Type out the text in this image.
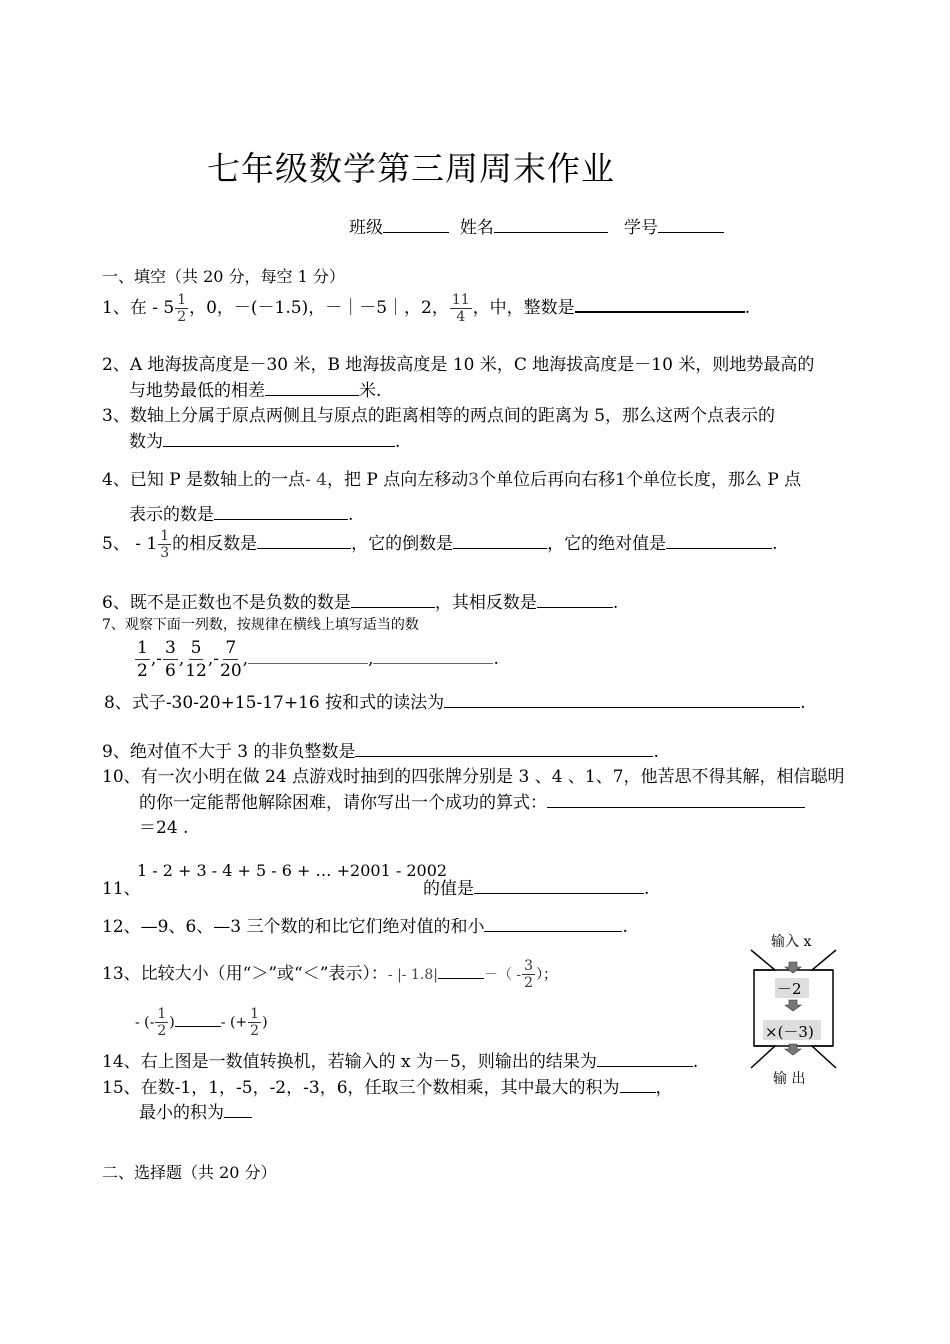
七年级数学第三周周末作业
班级	姓名	学号
一、填空（共 20 分，每空 1 分）
1、在 - $5 \frac{1}{2}$ ，0，－(－1.5)，－｜－5｜，2， $\frac{11}{4}$ ，中，整数是	.
2、A 地海拔高度是－30 米，B 地海拔高度是 10 米，C 地海拔高度是－10 米，则地势最高的
与地势最低的相差	米.
3、数轴上分属于原点两侧且与原点的距离相等的两点间的距离为 5，那么这两个点表示的
数为	.
4、已知 P 是数轴上的一点- 4，把 P 点向左移动3个单位后再向右移1个单位长度，那么 P 点
表示的数是	.
5、 - $1 \frac{1}{3}$ 的相反数是	，它的倒数是	，它的绝对值是	.
6、既不是正数也不是负数的数是	，其相反数是	.
7、观察下面一列数，按规律在横线上填写适当的数
$\frac{1}{2}$ ,- $\frac{3}{6}$ , $\frac{5}{12}$ ,- $\frac{7}{20}$ ,	,	.
8、式子-30-20+15-17+16 按和式的读法为	.
9、绝对值不大于 3 的非负整数是	.
10、有一次小明在做 24 点游戏时抽到的四张牌分别是 3 、4 、1、7，他苦思不得其解，相信聪明
的你一定能帮他解除困难，请你写出一个成功的算式：
＝24 .
11、
1 - 2 + 3 - 4 + 5 - 6 + … +2001 - 2002
的值是	.
12、—9、6、—3 三个数的和比它们绝对值的和小	.
13、比较大小（用“＞”或“＜”表示）：- |- 1.8|	－（ - $\frac{3}{2}$ ）；
- (- $\frac{1}{2}$ )	- (+ $\frac{1}{2}$ )
14、右上图是一数值转换机，若输入的 x 为－5，则输出的结果为	.
15、在数-1，1，-5，-2，-3，6，任取三个数相乘，其中最大的积为 ，
最小的积为
输入 x
－2
×(－3)
输 出
二、选择题（共 20 分）
